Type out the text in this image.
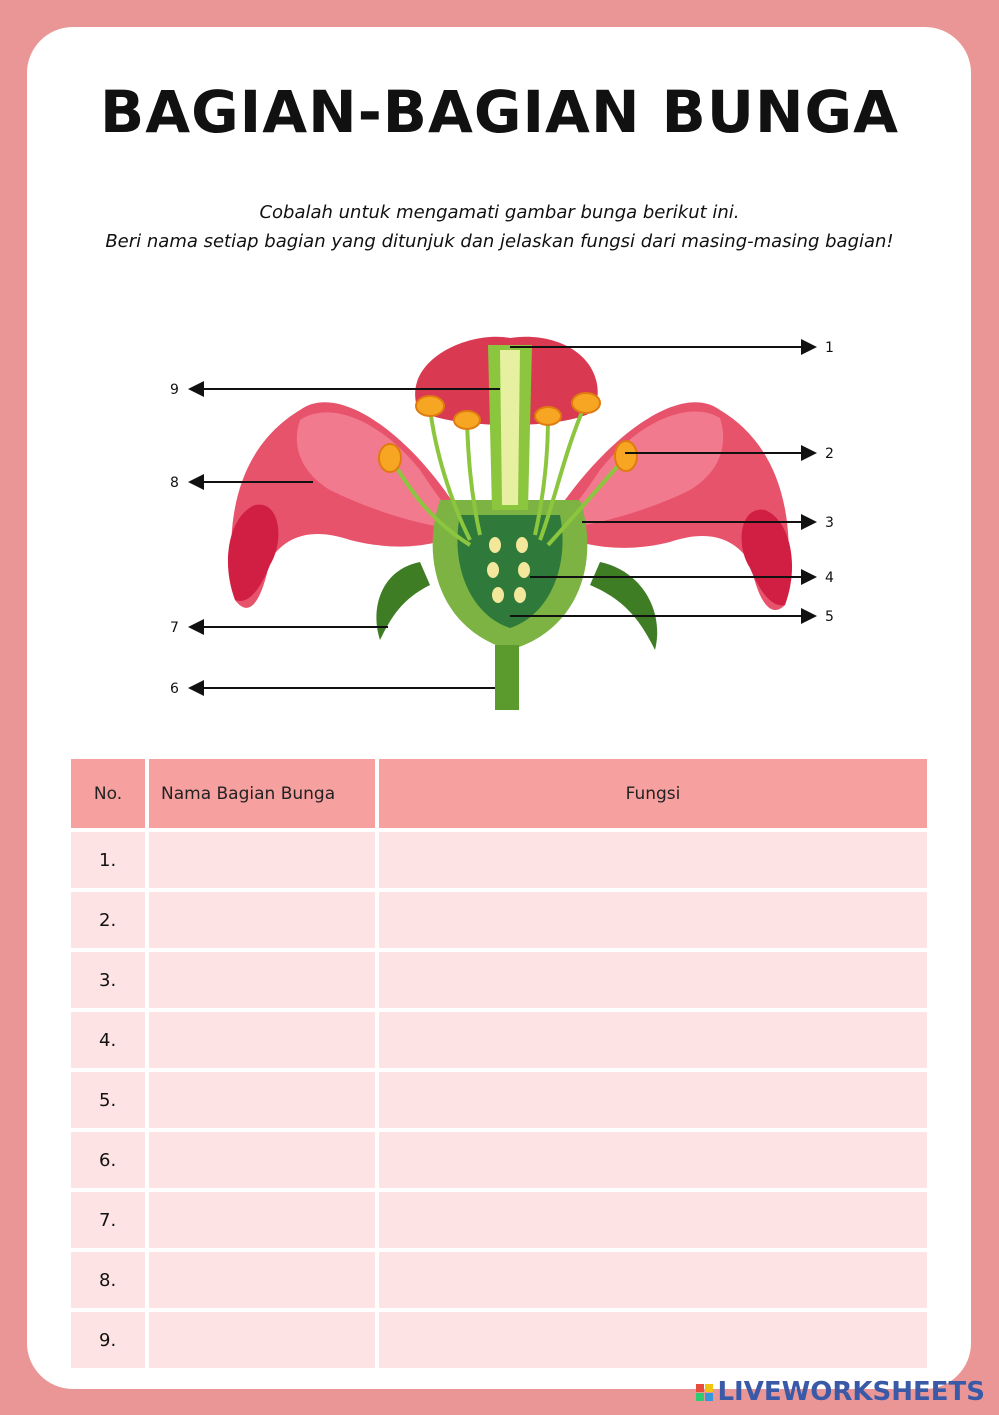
BAGIAN-BAGIAN BUNGA
Cobalah untuk mengamati gambar bunga berikut ini.
Beri nama setiap bagian yang ditunjuk dan jelaskan fungsi dari masing-masing bagian!
1
2
3
4
5
6
7
8
9
No.	Nama Bagian Bunga	Fungsi
1.		
2.		
3.		
4.		
5.		
6.		
7.		
8.		
9.		
LIVEWORKSHEETS
